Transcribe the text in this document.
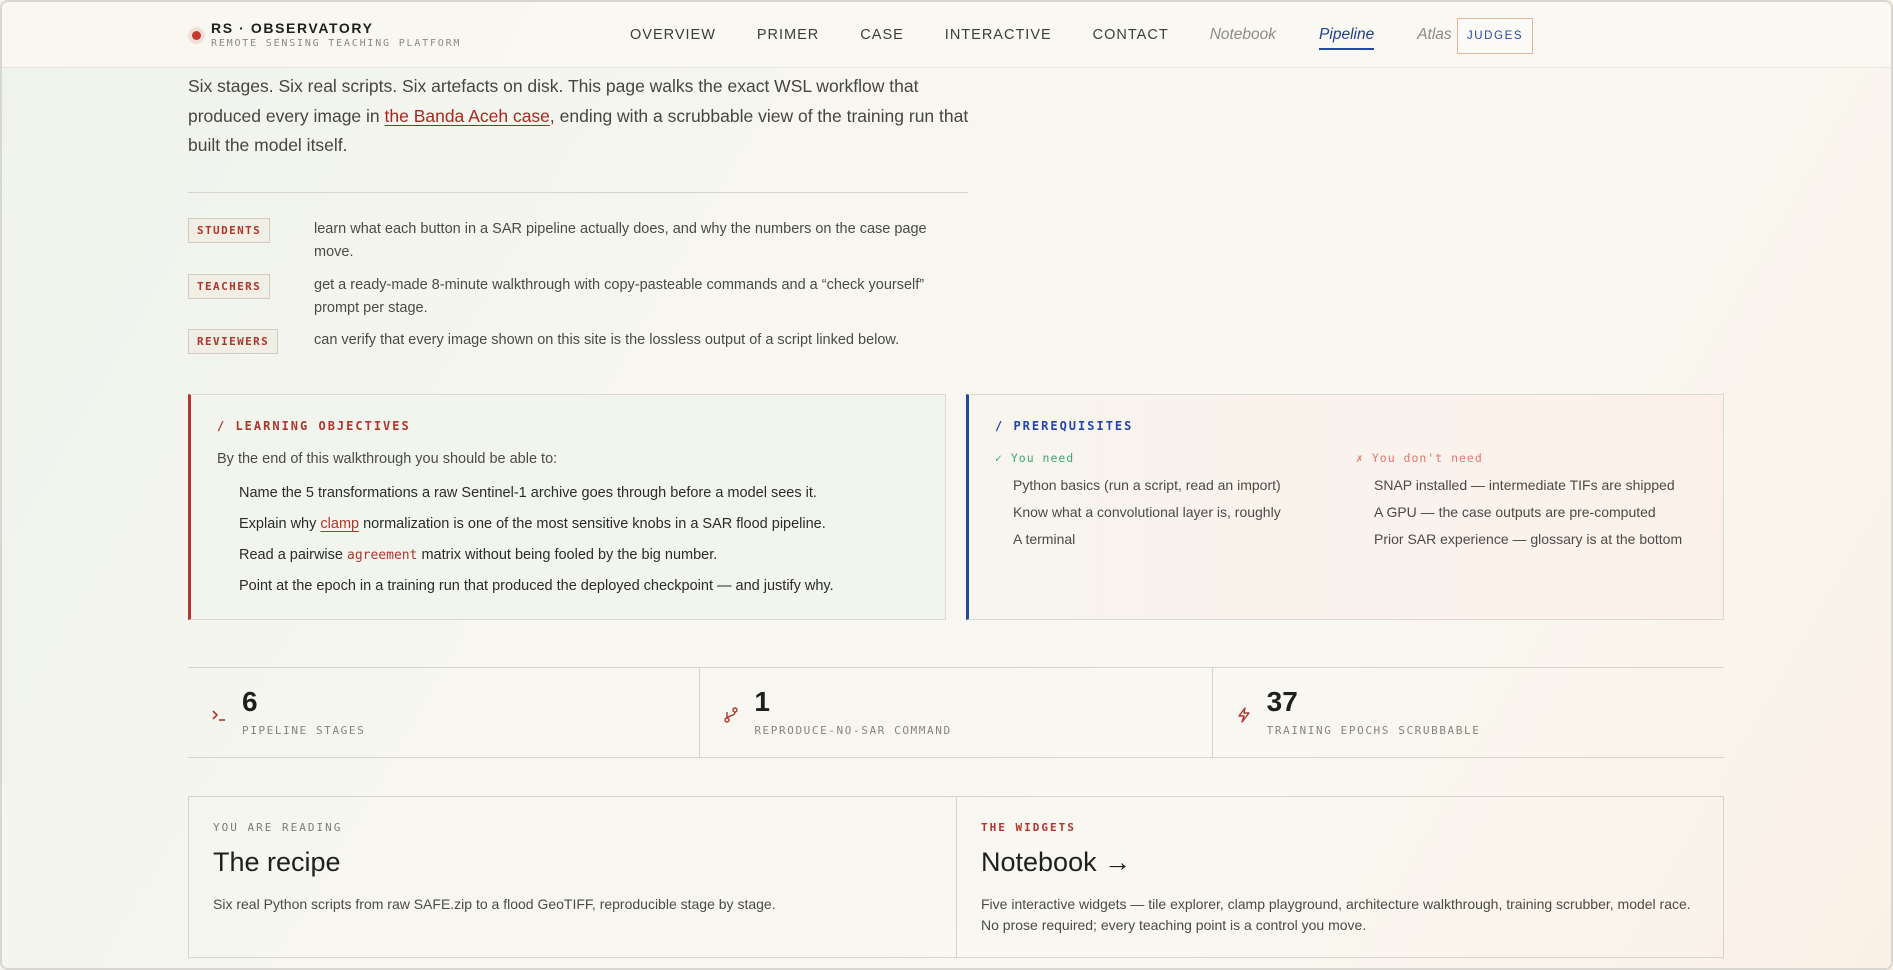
RS · OBSERVATORY
REMOTE SENSING TEACHING PLATFORM
OVERVIEW	PRIMER	CASE	INTERACTIVE	CONTACT	Notebook	Pipeline	Atlas	JUDGES
Six stages. Six real scripts. Six artefacts on disk. This page walks the exact WSL workflow that produced every image in the Banda Aceh case, ending with a scrubbable view of the training run that built the model itself.
STUDENTS	learn what each button in a SAR pipeline actually does, and why the numbers on the case page move.
TEACHERS	get a ready-made 8-minute walkthrough with copy-pasteable commands and a “check yourself” prompt per stage.
REVIEWERS	can verify that every image shown on this site is the lossless output of a script linked below.
/ LEARNING OBJECTIVES
By the end of this walkthrough you should be able to:
Name the 5 transformations a raw Sentinel-1 archive goes through before a model sees it.
Explain why clamp normalization is one of the most sensitive knobs in a SAR flood pipeline.
Read a pairwise agreement matrix without being fooled by the big number.
Point at the epoch in a training run that produced the deployed checkpoint — and justify why.
/ PREREQUISITES
✓ You need
Python basics (run a script, read an import)
Know what a convolutional layer is, roughly
A terminal
✗ You don't need
SNAP installed — intermediate TIFs are shipped
A GPU — the case outputs are pre-computed
Prior SAR experience — glossary is at the bottom
6
PIPELINE STAGES
1
REPRODUCE-NO-SAR COMMAND
37
TRAINING EPOCHS SCRUBBABLE
YOU ARE READING
The recipe

Six real Python scripts from raw SAFE.zip to a flood GeoTIFF, reproducible stage by stage.

THE WIDGETS
Notebook →

Five interactive widgets — tile explorer, clamp playground, architecture walkthrough, training scrubber, model race. No prose required; every teaching point is a control you move.
